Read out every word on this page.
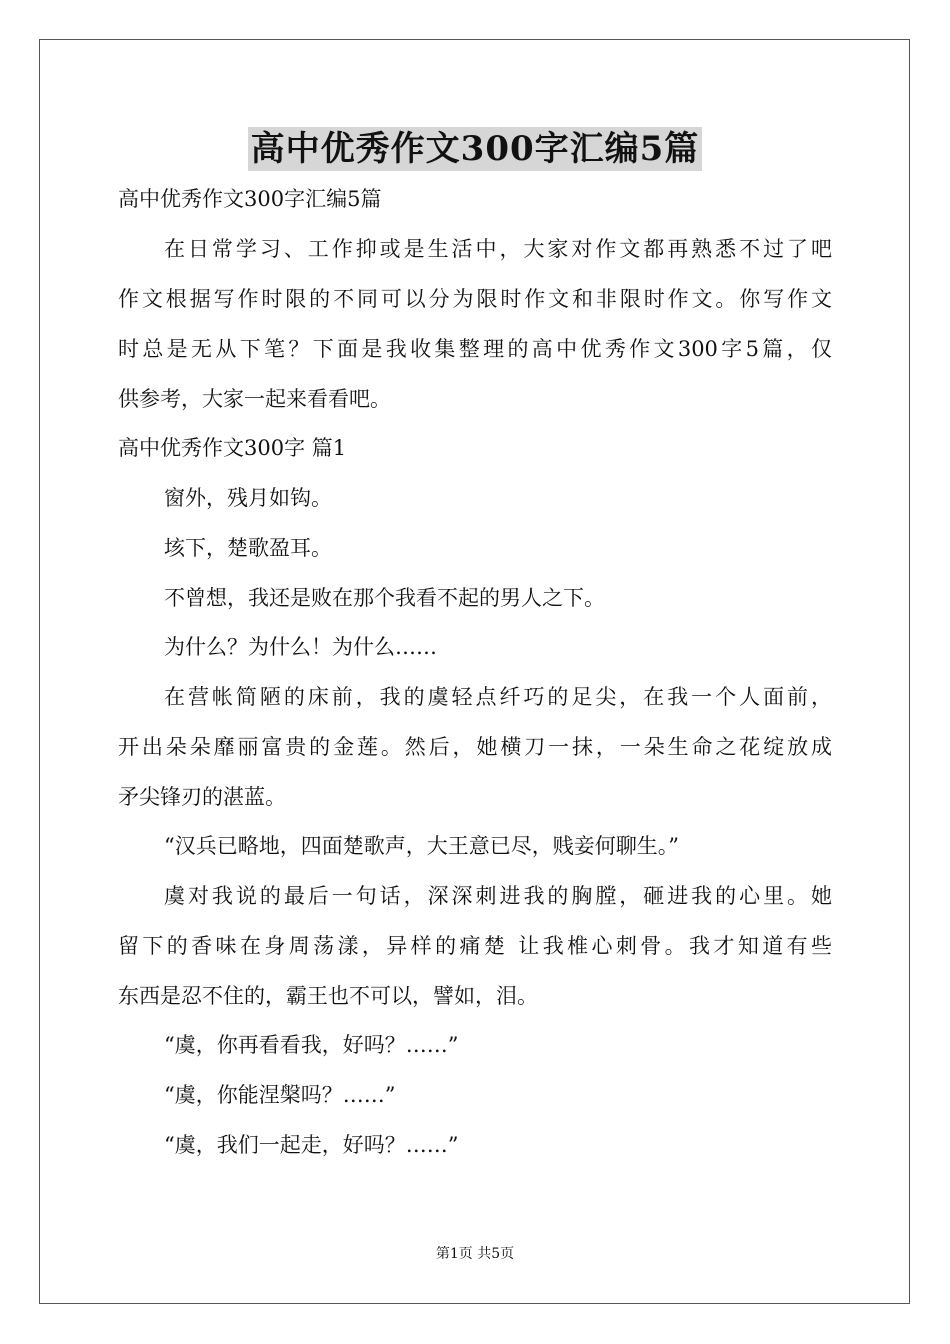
高中优秀作文300字汇编5篇
高中优秀作文300字汇编5篇
在日常学习、工作抑或是生活中，大家对作文都再熟悉不过了吧
作文根据写作时限的不同可以分为限时作文和非限时作文。你写作文
时总是无从下笔？下面是我收集整理的高中优秀作文300字5篇，仅
供参考，大家一起来看看吧。
高中优秀作文300字 篇1
窗外，残月如钩。
垓下，楚歌盈耳。
不曾想，我还是败在那个我看不起的男人之下。
为什么？为什么！为什么……
在营帐简陋的床前，我的虞轻点纤巧的足尖，在我一个人面前，
开出朵朵靡丽富贵的金莲。然后，她横刀一抹，一朵生命之花绽放成
矛尖锋刃的湛蓝。
“汉兵已略地，四面楚歌声，大王意已尽，贱妾何聊生。”
虞对我说的最后一句话，深深刺进我的胸膛，砸进我的心里。她
留下的香味在身周荡漾，异样的痛楚 让我椎心刺骨。我才知道有些
东西是忍不住的，霸王也不可以，譬如，泪。
“虞，你再看看我，好吗？……”
“虞，你能涅槃吗？……”
“虞，我们一起走，好吗？……”
第1页 共5页
